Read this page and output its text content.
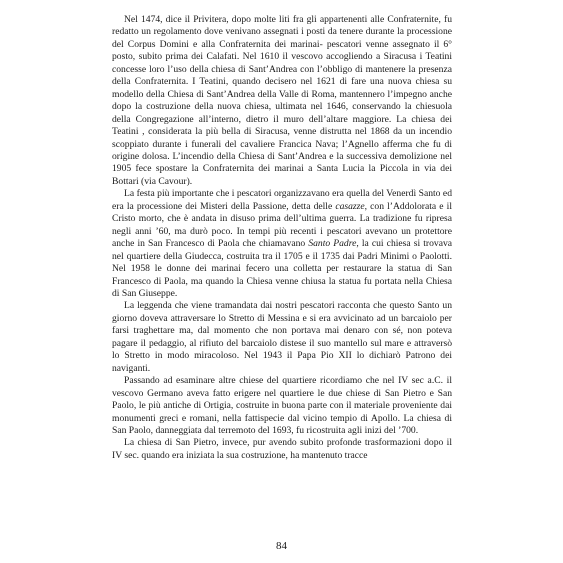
Nel 1474, dice il Privitera, dopo molte liti fra gli appartenenti alle Confraternite, fu redatto un regolamento dove venivano assegnati i posti da tenere durante la processione del Corpus Domini e alla Confraternita dei marinai- pescatori venne assegnato il 6° posto, subito prima dei Calafati. Nel 1610 il vescovo accogliendo a Siracusa i Teatini concesse loro l’uso della chiesa di Sant’Andrea con l’obbligo di mantenere la presenza della Confraternita. I Teatini, quando decisero nel 1621 di fare una nuova chiesa su modello della Chiesa di Sant’Andrea della Valle di Roma, mantennero l’impegno anche dopo la costruzione della nuova chiesa, ultimata nel 1646, conservando la chiesuola della Congregazione all’interno, dietro il muro dell’altare maggiore. La chiesa dei Teatini , considerata la più bella di Siracusa, venne distrutta nel 1868 da un incendio scoppiato durante i funerali del cavaliere Francica Nava; l’Agnello afferma che fu di origine dolosa. L’incendio della Chiesa di Sant’Andrea e la successiva demolizione nel 1905 fece spostare la Confraternita dei marinai a Santa Lucia la Piccola in via dei Bottari (via Cavour).

La festa più importante che i pescatori organizzavano era quella del Venerdì Santo ed era la processione dei Misteri della Passione, detta delle casazze, con l’Addolorata e il Cristo morto, che è andata in disuso prima dell’ultima guerra. La tradizione fu ripresa negli anni ’60, ma durò poco. In tempi più recenti i pescatori avevano un protettore anche in San Francesco di Paola che chiamavano Santo Padre, la cui chiesa si trovava nel quartiere della Giudecca, costruita tra il 1705 e il 1735 dai Padri Minimi o Paolotti. Nel 1958 le donne dei marinai fecero una colletta per restaurare la statua di San Francesco di Paola, ma quando la Chiesa venne chiusa la statua fu portata nella Chiesa di San Giuseppe.

La leggenda che viene tramandata dai nostri pescatori racconta che questo Santo un giorno doveva attraversare lo Stretto di Messina e si era avvicinato ad un barcaiolo per farsi traghettare ma, dal momento che non portava mai denaro con sé, non poteva pagare il pedaggio, al rifiuto del barcaiolo distese il suo mantello sul mare e attraversò lo Stretto in modo miracoloso. Nel 1943 il Papa Pio XII lo dichiarò Patrono dei naviganti.

Passando ad esaminare altre chiese del quartiere ricordiamo che nel IV sec a.C. il vescovo Germano aveva fatto erigere nel quartiere le due chiese di San Pietro e San Paolo, le più antiche di Ortigia, costruite in buona parte con il materiale proveniente dai monumenti greci e romani, nella fattispecie dal vicino tempio di Apollo. La chiesa di San Paolo, danneggiata dal terremoto del 1693, fu ricostruita agli inizi del ’700.

La chiesa di San Pietro, invece, pur avendo subito profonde trasformazioni dopo il IV sec. quando era iniziata la sua costruzione, ha mantenuto tracce

84
